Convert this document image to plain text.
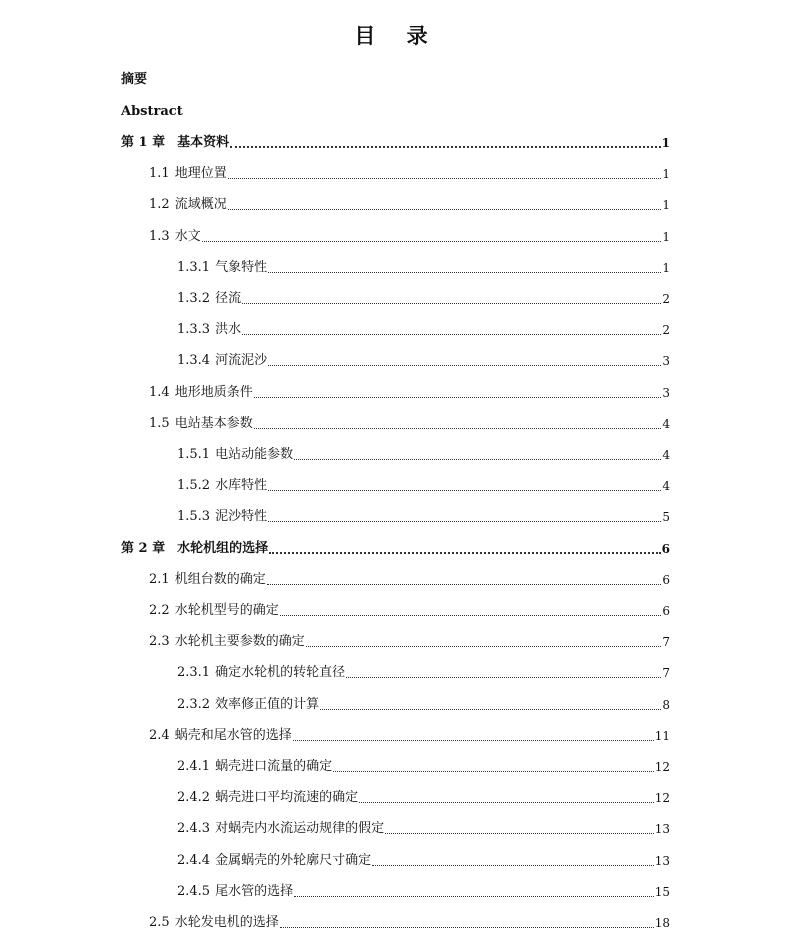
目 录
摘要
Abstract
第 1 章 基本资料	1
1.1 地理位置	1
1.2 流域概况	1
1.3 水文	1
1.3.1 气象特性	1
1.3.2 径流	2
1.3.3 洪水	2
1.3.4 河流泥沙	3
1.4 地形地质条件	3
1.5 电站基本参数	4
1.5.1 电站动能参数	4
1.5.2 水库特性	4
1.5.3 泥沙特性	5
第 2 章 水轮机组的选择	6
2.1 机组台数的确定	6
2.2 水轮机型号的确定	6
2.3 水轮机主要参数的确定	7
2.3.1 确定水轮机的转轮直径	7
2.3.2 效率修正值的计算	8
2.4 蜗壳和尾水管的选择	11
2.4.1 蜗壳进口流量的确定	12
2.4.2 蜗壳进口平均流速的确定	12
2.4.3 对蜗壳内水流运动规律的假定	13
2.4.4 金属蜗壳的外轮廓尺寸确定	13
2.4.5 尾水管的选择	15
2.5 水轮发电机的选择	18
